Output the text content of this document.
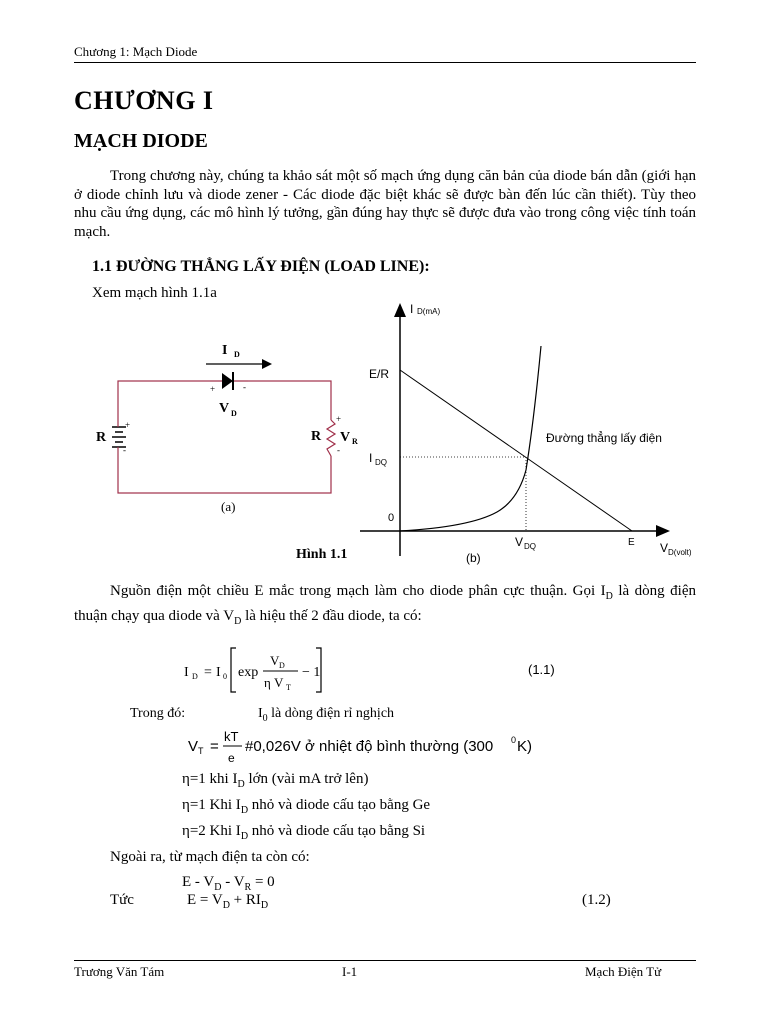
Chương 1: Mạch Diode
CHƯƠNG I
MẠCH DIODE
Trong chương này, chúng ta khảo sát một số mạch ứng dụng căn bản của diode bán dẫn (giới hạn ở diode chỉnh lưu và diode zener - Các diode đặc biệt khác sẽ được bàn đến lúc cần thiết). Tùy theo nhu cầu ứng dụng, các mô hình lý tưởng, gần đúng hay thực sẽ được đưa vào trong công việc tính toán mạch.
1.1 ĐƯỜNG THẲNG LẤY ĐIỆN (LOAD LINE):
Xem mạch hình 1.1a
I D
+	-
V D
R
+
-
R V R
+
-
(a)
I D(mA)
E/R
I DQ
0
V DQ	E V D(volt)
Đường thẳng lấy điện
(b)
Hình 1.1
Nguồn điện một chiều E mắc trong mạch làm cho diode phân cực thuận. Gọi $I_D$ là dòng điện thuận chạy qua diode và $V_D$ là hiệu thế 2 đầu diode, ta có:
I D = I 0 exp
V D
η V T
− 1	(1.1)
Trong đó:	$I_0$ là dòng điện rỉ nghịch
V T =
kT
e
#0,026V ở nhiệt độ bình thường (300 0 K)
η=1 khi $I_D$ lớn (vài mA trở lên)
η=1 Khi $I_D$ nhỏ và diode cấu tạo bằng Ge
η=2 Khi $I_D$ nhỏ và diode cấu tạo bằng Si
Ngoài ra, từ mạch điện ta còn có:
$E - V_D - V_R = 0$
Tức	$E = V_D + RI_D$	(1.2)
Trương Văn Tám	I-1	Mạch Điện Tử
